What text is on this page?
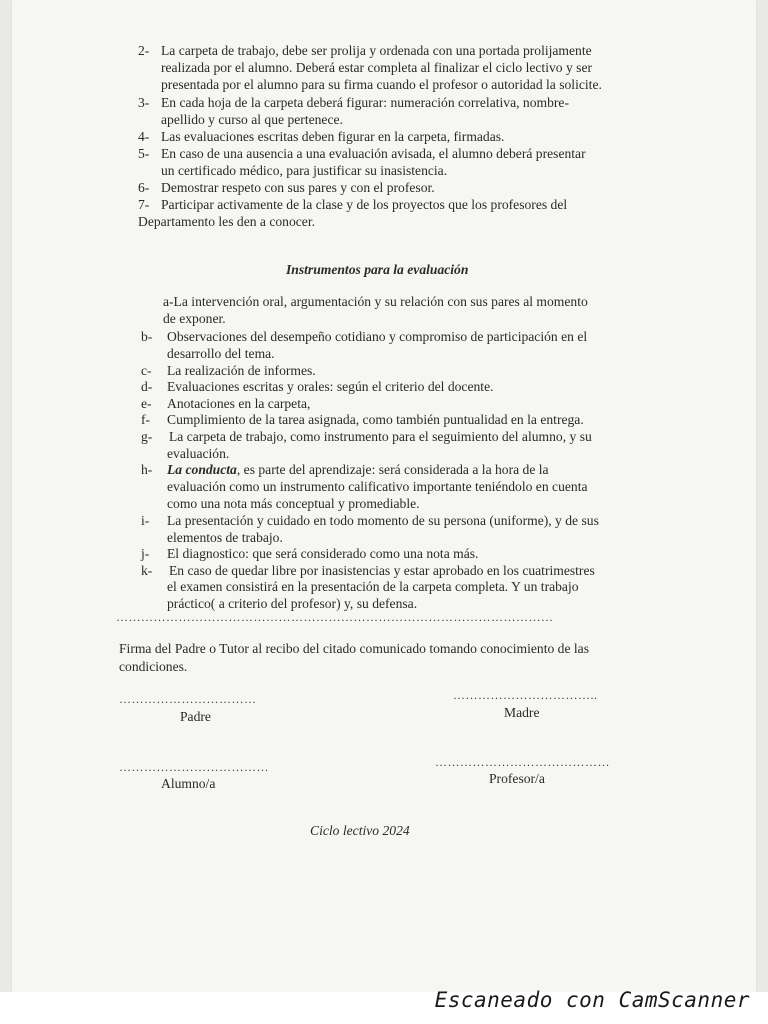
2- La carpeta de trabajo, debe ser prolija y ordenada con una portada prolijamente
realizada por el alumno. Deberá estar completa al finalizar el ciclo lectivo y ser
presentada por el alumno para su firma cuando el profesor o autoridad la solicite.
3- En cada hoja de la carpeta deberá figurar: numeración correlativa, nombre-
apellido y curso al que pertenece.
4- Las evaluaciones escritas deben figurar en la carpeta, firmadas.
5- En caso de una ausencia a una evaluación avisada, el alumno deberá presentar
un certificado médico, para justificar su inasistencia.
6- Demostrar respeto con sus pares y con el profesor.
7- Participar activamente de la clase y de los proyectos que los profesores del
Departamento les den a conocer.
Instrumentos para la evaluación
a-La intervención oral, argumentación y su relación con sus pares al momento
de exponer.
b- Observaciones del desempeño cotidiano y compromiso de participación en el
desarrollo del tema.
c- La realización de informes.
d- Evaluaciones escritas y orales: según el criterio del docente.
e- Anotaciones en la carpeta,
f- Cumplimiento de la tarea asignada, como también puntualidad en la entrega.
g- La carpeta de trabajo, como instrumento para el seguimiento del alumno, y su
evaluación.
h- La conducta, es parte del aprendizaje: será considerada a la hora de la
evaluación como un instrumento calificativo importante teniéndolo en cuenta
como una nota más conceptual y promediable.
i- La presentación y cuidado en todo momento de su persona (uniforme), y de sus
elementos de trabajo.
j- El diagnostico: que será considerado como una nota más.
k- En caso de quedar libre por inasistencias y estar aprobado en los cuatrimestres
el examen consistirá en la presentación de la carpeta completa. Y un trabajo
práctico( a criterio del profesor) y, su defensa.
……………………………………………………………………………………………
Firma del Padre o Tutor al recibo del citado comunicado tomando conocimiento de las
condiciones.
……………………………
Padre
……………………………..
Madre
………………………………
Alumno/a
……………………………………
Profesor/a
Ciclo lectivo 2024
Escaneado con CamScanner
